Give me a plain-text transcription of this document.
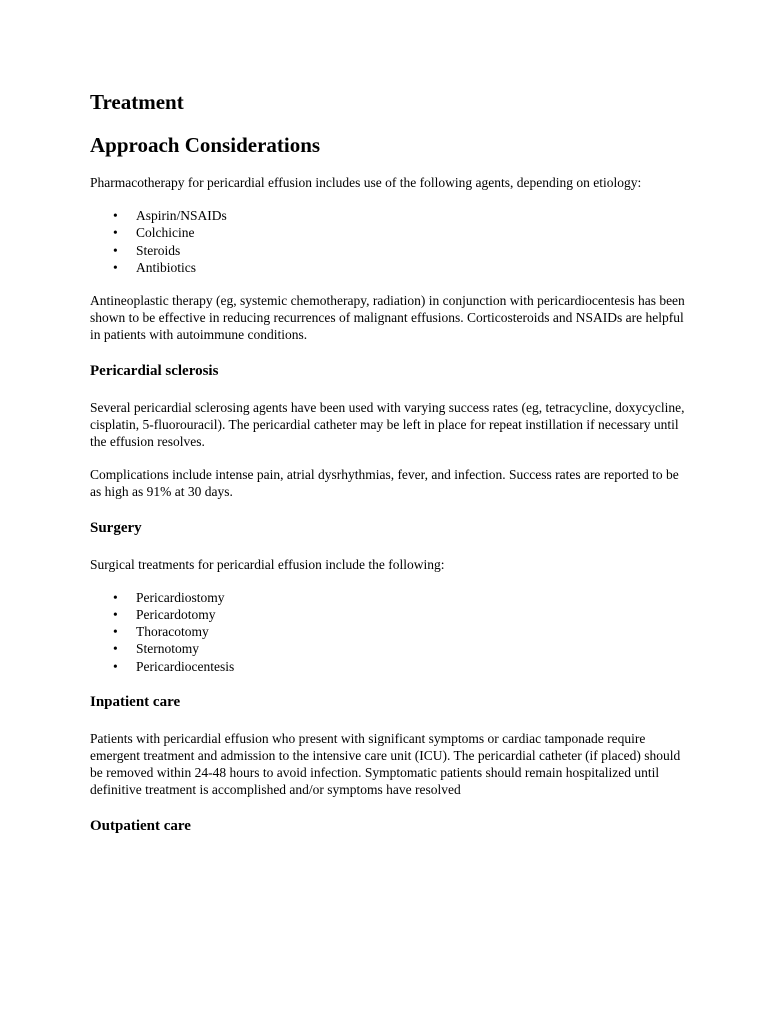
Treatment
Approach Considerations

Pharmacotherapy for pericardial effusion includes use of the following agents, depending on etiology:

• Aspirin/NSAIDs
• Colchicine
• Steroids
• Antibiotics

Antineoplastic therapy (eg, systemic chemotherapy, radiation) in conjunction with pericardiocentesis has been shown to be effective in reducing recurrences of malignant effusions. Corticosteroids and NSAIDs are helpful in patients with autoimmune conditions.

Pericardial sclerosis

Several pericardial sclerosing agents have been used with varying success rates (eg, tetracycline, doxycycline, cisplatin, 5-fluorouracil). The pericardial catheter may be left in place for repeat instillation if necessary until the effusion resolves.

Complications include intense pain, atrial dysrhythmias, fever, and infection. Success rates are reported to be as high as 91% at 30 days.

Surgery

Surgical treatments for pericardial effusion include the following:

• Pericardiostomy
• Pericardotomy
• Thoracotomy
• Sternotomy
• Pericardiocentesis
Inpatient care

Patients with pericardial effusion who present with significant symptoms or cardiac tamponade require emergent treatment and admission to the intensive care unit (ICU). The pericardial catheter (if placed) should be removed within 24-48 hours to avoid infection. Symptomatic patients should remain hospitalized until definitive treatment is accomplished and/or symptoms have resolved

Outpatient care
